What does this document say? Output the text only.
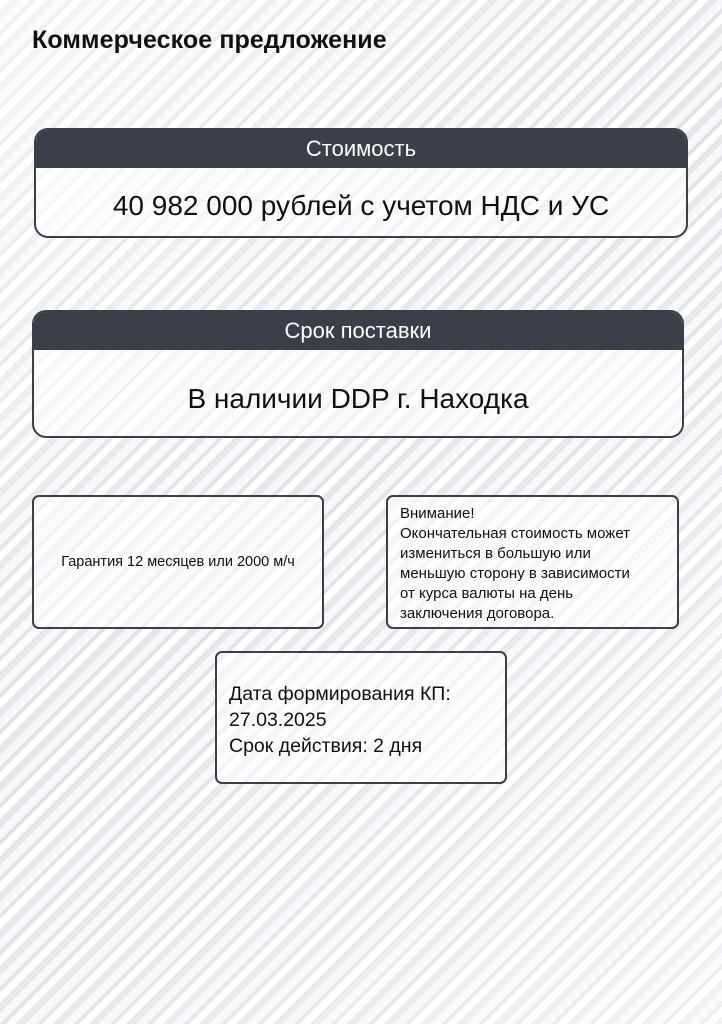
Коммерческое предложение
Стоимость
40 982 000 рублей с учетом НДС и УС
Срок поставки
В наличии DDP г. Находка
Гарантия 12 месяцев или 2000 м/ч
Внимание!
Окончательная стоимость может
измениться в большую или
меньшую сторону в зависимости
от курса валюты на день
заключения договора.
Дата формирования КП:
27.03.2025
Срок действия: 2 дня
